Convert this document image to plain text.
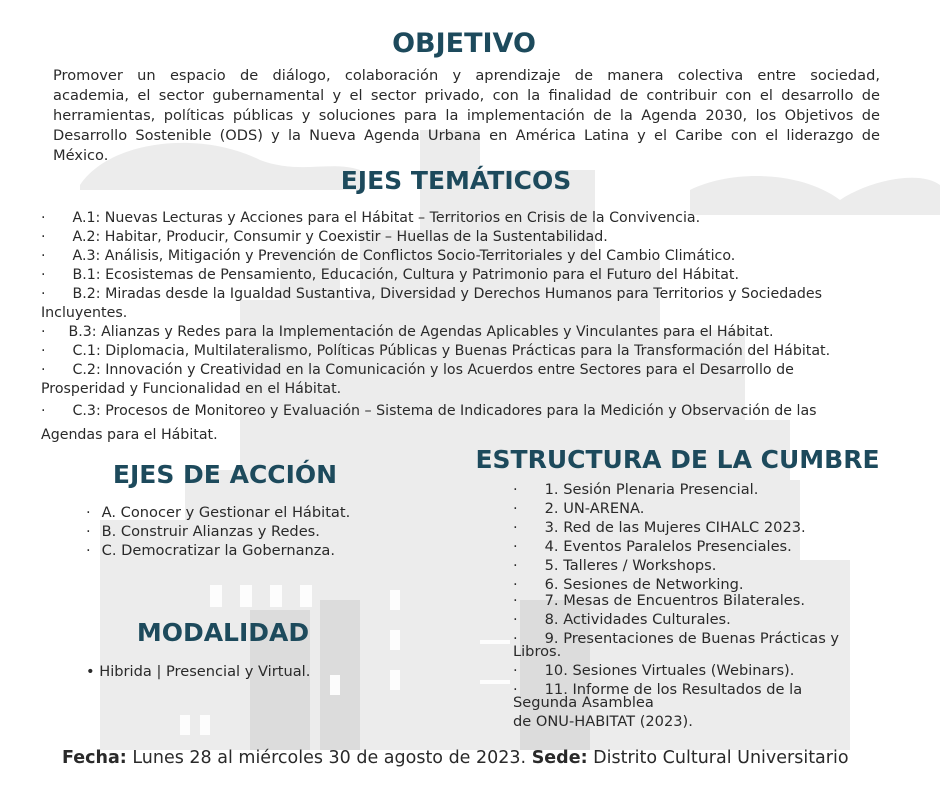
OBJETIVO
Promover un espacio de diálogo, colaboración y aprendizaje de manera colectiva entre sociedad,
academia, el sector gubernamental y el sector privado, con la finalidad de contribuir con el desarrollo de
herramientas, políticas públicas y soluciones para la implementación de la Agenda 2030, los Objetivos de
Desarrollo Sostenible (ODS) y la Nueva Agenda Urbana en América Latina y el Caribe con el liderazgo de
México.
EJES TEMÁTICOS
· A.1: Nuevas Lecturas y Acciones para el Hábitat – Territorios en Crisis de la Convivencia.
· A.2: Habitar, Producir, Consumir y Coexistir – Huellas de la Sustentabilidad.
· A.3: Análisis, Mitigación y Prevención de Conflictos Socio-Territoriales y del Cambio Climático.
· B.1: Ecosistemas de Pensamiento, Educación, Cultura y Patrimonio para el Futuro del Hábitat.
· B.2: Miradas desde la Igualdad Sustantiva, Diversidad y Derechos Humanos para Territorios y Sociedades
Incluyentes.
· B.3: Alianzas y Redes para la Implementación de Agendas Aplicables y Vinculantes para el Hábitat.
· C.1: Diplomacia, Multilateralismo, Políticas Públicas y Buenas Prácticas para la Transformación del Hábitat.
· C.2: Innovación y Creatividad en la Comunicación y los Acuerdos entre Sectores para el Desarrollo de
Prosperidad y Funcionalidad en el Hábitat.
· C.3: Procesos de Monitoreo y Evaluación – Sistema de Indicadores para la Medición y Observación de las
Agendas para el Hábitat.
EJES DE ACCIÓN
· A. Conocer y Gestionar el Hábitat.
· B. Construir Alianzas y Redes.
· C. Democratizar la Gobernanza.
MODALIDAD
• Hibrida | Presencial y Virtual.
ESTRUCTURA DE LA CUMBRE
· 1. Sesión Plenaria Presencial.
· 2. UN-ARENA.
· 3. Red de las Mujeres CIHALC 2023.
· 4. Eventos Paralelos Presenciales.
· 5. Talleres / Workshops.
· 6. Sesiones de Networking.
· 7. Mesas de Encuentros Bilaterales.
· 8. Actividades Culturales.
· 9. Presentaciones de Buenas Prácticas y
Libros.
· 10. Sesiones Virtuales (Webinars).
· 11. Informe de los Resultados de la
Segunda Asamblea
de ONU-HABITAT (2023).
Fecha: Lunes 28 al miércoles 30 de agosto de 2023. Sede: Distrito Cultural Universitario
